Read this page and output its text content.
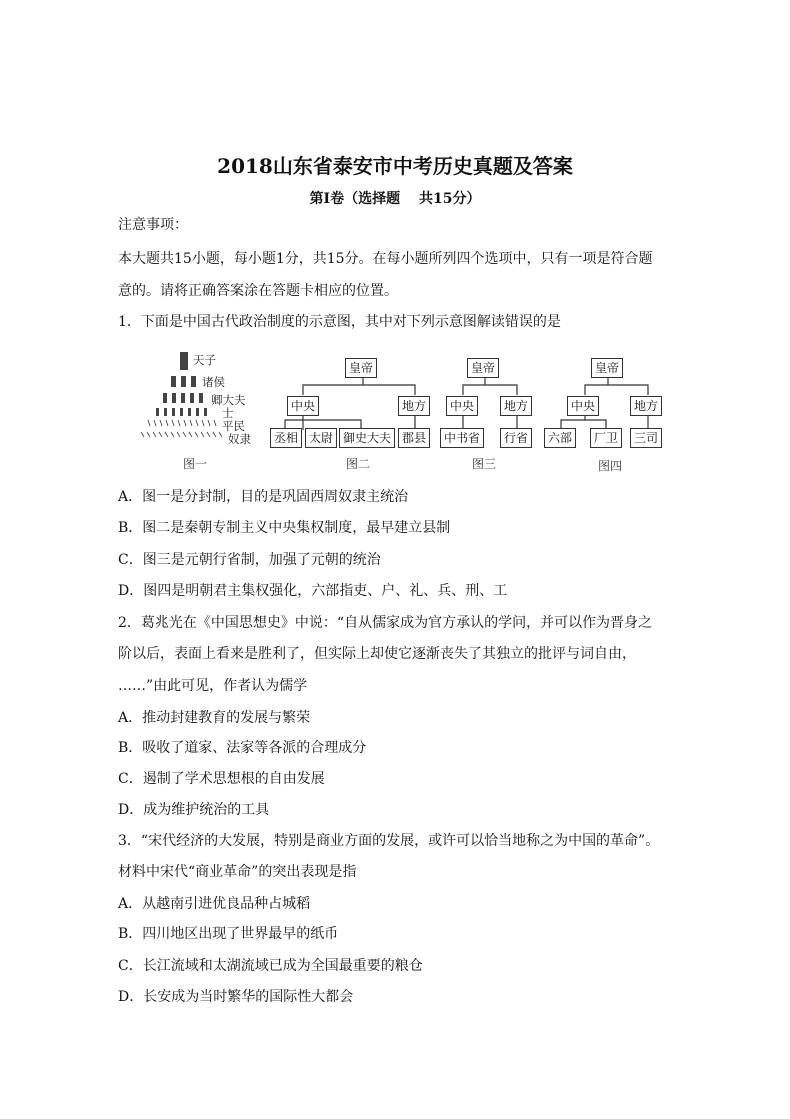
2018山东省泰安市中考历史真题及答案
第Ⅰ卷（选择题　 共15分）
注意事项：
本大题共15小题，每小题1分，共15分。在每小题所列四个选项中，只有一项是符合题
意的。请将正确答案涂在答题卡相应的位置。
1．下面是中国古代政治制度的示意图，其中对下列示意图解读错误的是
天子
诸侯
卿大夫
士
平民
奴隶
图一
皇帝
中央	地方
丞相 太尉 御史大夫 郡县
图二
皇帝
中央	地方
中书省	行省
图三
皇帝
中央	地方
六部	厂卫	三司
图四
A．图一是分封制，目的是巩固西周奴隶主统治
B．图二是秦朝专制主义中央集权制度，最早建立县制
C．图三是元朝行省制，加强了元朝的统治
D．图四是明朝君主集权强化，六部指吏、户、礼、兵、刑、工
2．葛兆光在《中国思想史》中说：“自从儒家成为官方承认的学问，并可以作为晋身之
阶以后，表面上看来是胜利了，但实际上却使它逐渐丧失了其独立的批评与词自由，
……”由此可见，作者认为儒学
A．推动封建教育的发展与繁荣
B．吸收了道家、法家等各派的合理成分
C．遏制了学术思想根的自由发展
D．成为维护统治的工具
3．“宋代经济的大发展，特别是商业方面的发展，或许可以恰当地称之为中国的革命”。
材料中宋代“商业革命”的突出表现是指
A．从越南引进优良品种占城稻
B．四川地区出现了世界最早的纸币
C．长江流域和太湖流域已成为全国最重要的粮仓
D．长安成为当时繁华的国际性大都会
